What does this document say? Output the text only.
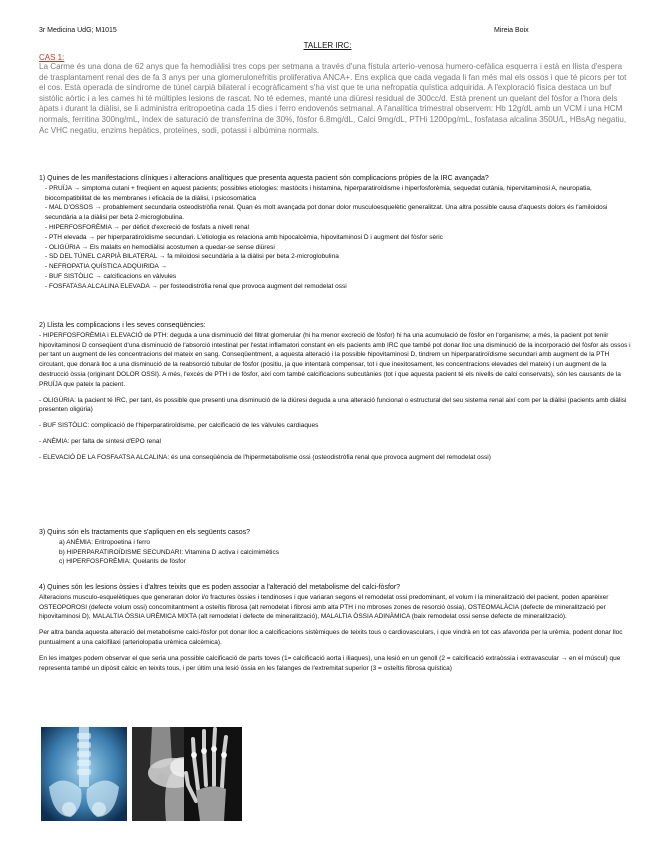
3r Medicina UdG; M1015	Mireia Boix
TALLER IRC:
CAS 1:
La Carme és una dona de 62 anys que fa hemodiàlisi tres cops per setmana a través d'una fístula arterio-venosa humero-cefàlica esquerra i està en llista d'espera de trasplantament renal des de fa 3 anys per una glomerulonefritis proliferativa ANCA+. Ens explica que cada vegada li fan més mal els ossos i que té picors per tot el cos. Està operada de síndrome de túnel carpià bilateral i ecogràficament s'ha vist que te una nefropatia quística adquirida. A l'exploració física destaca un buf sistòlic aòrtic i a les cames hi té múltiples lesions de rascat. No té edemes, manté una diüresi residual de 300cc/d. Està prenent un quelant del fòsfor a l'hora dels àpats i durant la diàlisi, se li administra eritropoetina cada 15 dies i ferro endovenós setmanal. A l'analítica trimestral observem: Hb 12g/dL amb un VCM i una HCM normals, ferritina 300ng/mL, índex de saturació de transferrina de 30%, fòsfor 6.8mg/dL, Calci 9mg/dL, PTHi 1200pg/mL, fosfatasa alcalina 350U/L, HBsAg negatiu, Ac VHC negatiu, enzims hepàtics, proteïnes, sodi, potassi i albúmina normals.
1) Quines de les manifestacions clíniques i alteracions analítiques que presenta aquesta pacient són complicacions pròpies de la IRC avançada?
- PRUÏJA → simptoma cutani + freqüent en aquest pacients; possibles etiologies: mastòcits i histamina, hiperparatiroïdisme i hiperfosforèmia, sequedat cutània, hipervitaminosi A, neuropatia, biocompatibilitat de les membranes i eficàcia de la diàlisi, i psicosomàtica
- MAL D'OSSOS → probablement secundaria osteodistròfia renal. Quan és molt avançada pot donar dolor musculoesquelètic generalitzat. Una altra possible causa d'aquests dolors és l'amiloidosi secundària a la diàlisi per beta 2-microglobulina.
- HIPERFOSFORÈMIA → per dèficit d'excreció de fosfats a nivell renal
- PTH elevada → per hiperparatiroïdisme secundari. L'etiologia es relaciona amb hipocalcèmia, hipovitaminosi D i augment del fòsfor sèric
- OLIGÚRIA → Els malalts en hemodiàlisi acostumen a quedar-se sense diüresi
- SD DEL TÚNEL CARPIÀ BILATERAL → fa miloidosi secundària a la diàlisi per beta 2-microglobulina
- NEFROPATIA QUÍSTICA ADQUIRIDA →
- BUF SISTÒLIC → calcificacions en vàlvules
- FOSFATASA ALCALINA ELEVADA → per fosteodistròfia renal que provoca augment del remodelat ossi
2) Llista les complicacions i les seves conseqüències:

- HIPERFOSFORÈMIA i ELEVACIÓ de PTH: deguda a una disminució del filtrat glomerular (hi ha menor excreció de fòsfor) hi ha una acumulació de fòsfor en l'organisme; a més, la pacient pot teniir hipovitaminosi D conseqüent d'una disminució de l'absorció intestinal per l'estat inflamatori constant en els pacients amb IRC que també pot donar lloc una disminució de la incorporació del fòsfor als ossos i per tant un augment de les concentracions del mateix en sang. Conseqüentment, a aquesta alteració i la possible hipovitaminosi D, tindrem un hiperparatiroïdisme secundari amb augment de la PTH circulant, que donarà lloc a una disminució de la reabsorció tubular de fòsfor (positiu, ja que intentarà compensar, tot i que inexitosament, les concentracions elevades del mateix) i un augment de la destrucció òssia (originant DOLOR OSSI). A més, l'excés de PTH i de fòsfor, així com també calcificacions subcutànies (tot i que aquesta pacient té els nivells de calci conservats), són les causants de la PRUÏJA que pateix la pacient.

- OLIGÚRIA: la pacient té IRC, per tant, és possible que presenti una disminució de la diüresi deguda a una alteració funcional o estructural del seu sistema renal així com per la diàlisi (pacients amb diàlisi presenten oligúria)

- BUF SISTÒLIC: complicació de l'hiperparatiroïdisme, per calcificació de les vàlvules cardiaques

- ANÈMIA: per falta de síntesi d'EPO renal

- ELEVACIÓ DE LA FOSFAATSA ALCALINA: és una conseqüència de l'hipermetabolisme ossi (osteodistròfia renal que provoca augment del remodelat ossi)

3) Quins són els tractaments que s'apliquen en els següents casos?
a) ANÈMIA: Eritropoetina i ferro
b) HIPERPARATIROÏDISME SECUNDARI: Vitamina D activa i calcimimètics
c) HIPERFOSFORÈMIA: Quelants de fòsfor
4) Quines són les lesions òssies i d'altres teixits que es poden associar a l'alteració del metabolisme del calci-fòsfor?

Alteracions musculo-esquelètiques que generaran dolor i/o fractures òssies i tendinoses i que variaran segons el remodelat ossi predominant, el volum i la mineralització del pacient, poden aparèixer OSTEOPOROSI (defecte volum ossi) concomitantment a osteïtis fibrosa (alt remodelat i fibrosi amb alta PTH i no mbroses zones de resorció òssia), OSTEOMALÀCIA (defecte de mineralització per hipovitaminosi D), MALALTIA ÒSSIA URÈMICA MIXTA (alt remodelat i defecte de mineralització), MALALTIA ÒSSIA ADINÀMICA (baix remodelat ossi sense defecte de mineralització).

Per altra banda aquesta alteració del metabolisme calci-fòsfor pot donar lloc a calcificacions sistèmiques de teixits tous o cardiovasculars, i que vindrà en tot cas afavorida per la urèmia, podent donar lloc puntualment a una calcifilaxi (arteriolopatia urèmica calcèmica).

En les imatges podem observar el que seria una possible calcificació de parts toves (1= calcificació aorta i iliaques), una lesió en un genoll (2 = calcificació extraòssia i extravascular → en el múscul) que representa també un dipòsit càlcic en teixits tous, i per últim una lesió òssia en les falanges de l'extremitat superior (3 = osteïtis fibrosa quística)
